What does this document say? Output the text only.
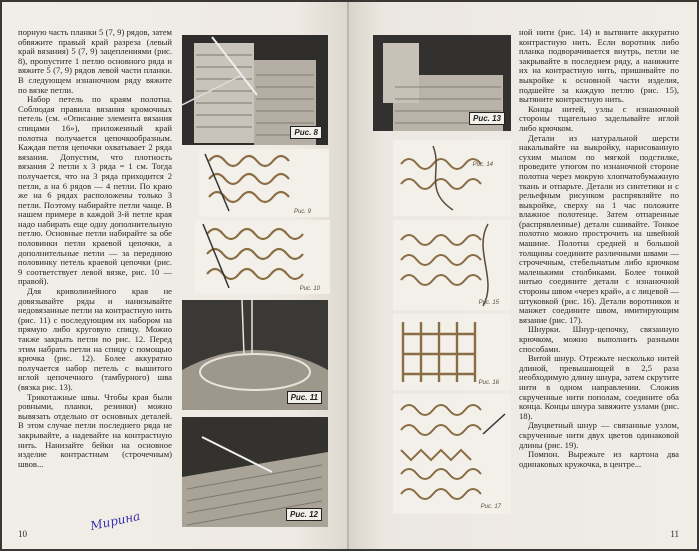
порную часть планки 5 (7, 9) рядов, затем обвяжите правый край разреза (левый край вязания) 5 (7, 9) зацеплениями (рис. 8), пропустите 1 петлю основного ряда и вяжите 5 (7, 9) рядов левой части планки. В следующем изнаночном ряду вяжите по вязке петли.

Набор петель по краям полотна. Соблюдая правила вязания кромочных петель (см. «Описание элемента вязания спицами 16»), приложенный край полотна получается цепочкообразным. Каждая петля цепочки охватывает 2 ряда вязания. Допустим, что плотность вязания 2 петли х 3 ряда = 1 см. Тогда получается, что на 3 ряда приходится 2 петли, а на 6 рядов — 4 петли. По краю же на 6 рядах расположены только 3 петли. Поэтому набирайте петли чаще. В нашем примере в каждой 3-й петле края надо набирать еще одну дополнительную петлю. Основные петли набирайте за обе половинки петли краевой цепочки, а дополнительные петли — за переднюю половинку петель краевой цепочки (рис. 9 соответствует левой вязке, рис. 10 — правой).

Для криволинейного края не довязывайте ряды и нанизывайте недовязанные петли на контрастную нить (рис. 11) с последующим их набором на прямую либо круговую спицу. Можно также закрыть петли по рис. 12. Перед этим набрать петли на спицу с помощью крючка (рис. 12). Более аккуратно получается набор петель с вышитого иглой цепочечного (тамбурного) шва (вязка рис. 13).

Трикотажные швы. Чтобы края были ровными, планки, резинки) можно вывязать отдельно от основных деталей. В этом случае петли последнего ряда не закрывайте, а надевайте на контрастную нить. Нанизайте бейки на основное изделие контрастным (строчечным) швов...

Рис. 8
Рис. 9
Рис. 10
Рис. 11
Рис. 12
10
Мирина
Рис. 13
Рис. 14
Рис. 15
Рис. 16
Рис. 17

ной нити (рис. 14) и вытяните аккуратно контрастную нить. Если воротник либо планка подворачивается внутрь, петли не закрывайте в последнем ряду, а нанижите их на контрастную нить, пришивайте по выкройке к основной части изделия, подшейте за каждую петлю (рис. 15), вытяните контрастную нить.

Концы нитей, узлы с изнаночной стороны тщательно заделывайте иглой либо крючком.

Детали из натуральной шерсти накалывайте на выкройку, нарисованную сухим мылом по мягкой подстилке, проведите утюгом по изнаночной стороне полотна через мокрую хлопчатобумажную ткань и отпарьте. Детали из синтетики и с рельефным рисунком распрявляйте по выкройке, сверху на 1 час положите влажное полотенце. Затем отпаренные (распрявленные) детали сшивайте. Тонкое полотно можно прострочить на швейной машине. Полотна средней и большой толщины соедините различными швами — строчечным, стебельчатым либо крючком маленькими столбиками. Более тонкой нитью соедините детали с изнаночной стороны швом «через край», а с лицевой — штуковкой (рис. 16). Детали воротников и манжет соедините швом, имитирующим вязание (рис. 17).

Шнурки. Шнур-цепочку, связанную крючком, можно выполнить разными способами.

Витой шнур. Отрежьте несколько нитей длиной, превышающей в 2,5 раза необходимую длину шнура, затем скрутите нити в одном направлении. Сложив скрученные нити пополам, соедините оба конца. Концы шнура завяжите узлами (рис. 18).

Двуцветный шнур — связанные узлом, скрученные нити двух цветов одинаковой длины (рис. 19).

Помпон. Вырежьте из картона два одинаковых кружочка, в центре...

11
